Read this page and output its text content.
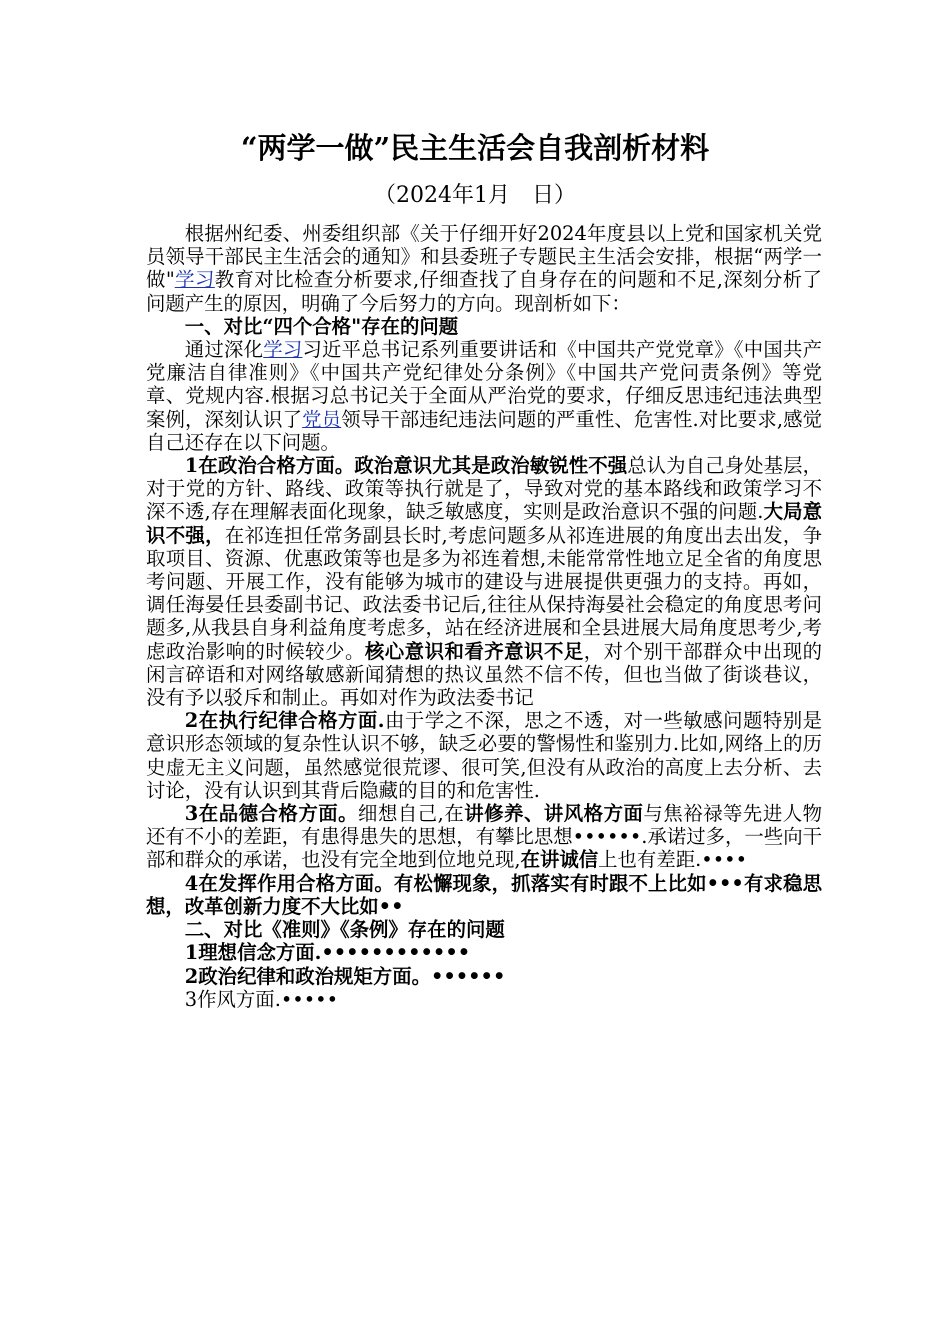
“两学一做”民主生活会自我剖析材料
（2024年1月　日）

根据州纪委、州委组织部《关于仔细开好2024年度县以上党和国家机关党员领导干部民主生活会的通知》和县委班子专题民主生活会安排，根据“两学一做"学习教育对比检查分析要求,仔细查找了自身存在的问题和不足,深刻分析了问题产生的原因，明确了今后努力的方向。现剖析如下：

一、对比“四个合格"存在的问题

通过深化学习习近平总书记系列重要讲话和《中国共产党党章》《中国共产党廉洁自律准则》《中国共产党纪律处分条例》《中国共产党问责条例》等党章、党规内容.根据习总书记关于全面从严治党的要求，仔细反思违纪违法典型案例，深刻认识了党员领导干部违纪违法问题的严重性、危害性.对比要求,感觉自己还存在以下问题。

1在政治合格方面。政治意识尤其是政治敏锐性不强总认为自己身处基层，对于党的方针、路线、政策等执行就是了，导致对党的基本路线和政策学习不深不透,存在理解表面化现象，缺乏敏感度，实则是政治意识不强的问题.大局意识不强，在祁连担任常务副县长时,考虑问题多从祁连进展的角度出去出发，争取项目、资源、优惠政策等也是多为祁连着想,未能常常性地立足全省的角度思考问题、开展工作，没有能够为城市的建设与进展提供更强力的支持。再如，调任海晏任县委副书记、政法委书记后,往往从保持海晏社会稳定的角度思考问题多,从我县自身利益角度考虑多，站在经济进展和全县进展大局角度思考少,考虑政治影响的时候较少。核心意识和看齐意识不足，对个别干部群众中出现的闲言碎语和对网络敏感新闻猜想的热议虽然不信不传，但也当做了街谈巷议，没有予以驳斥和制止。再如对作为政法委书记

2在执行纪律合格方面.由于学之不深，思之不透，对一些敏感问题特别是意识形态领域的复杂性认识不够，缺乏必要的警惕性和鉴别力.比如,网络上的历史虚无主义问题，虽然感觉很荒谬、很可笑,但没有从政治的高度上去分析、去讨论，没有认识到其背后隐藏的目的和危害性.

3在品德合格方面。细想自己,在讲修养、讲风格方面与焦裕禄等先进人物还有不小的差距，有患得患失的思想，有攀比思想••••••.承诺过多，一些向干部和群众的承诺，也没有完全地到位地兑现,在讲诚信上也有差距.••••

4在发挥作用合格方面。有松懈现象，抓落实有时跟不上比如•••有求稳思想，改革创新力度不大比如••

二、对比《准则》《条例》存在的问题

1理想信念方面.••••••••••••

2政治纪律和政治规矩方面。••••••

3作风方面.•••••
